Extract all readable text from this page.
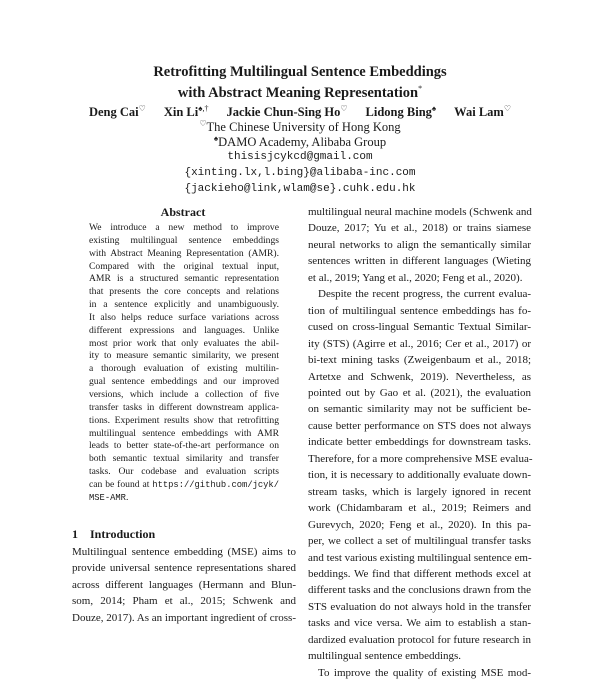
Retrofitting Multilingual Sentence Embeddings
with Abstract Meaning Representation*
Deng Cai♡ Xin Li♠,† Jackie Chun-Sing Ho♡ Lidong Bing♠ Wai Lam♡
♡The Chinese University of Hong Kong
♠DAMO Academy, Alibaba Group
thisisjcykcd@gmail.com
{xinting.lx,l.bing}@alibaba-inc.com
{jackieho@link,wlam@se}.cuhk.edu.hk
Abstract
We introduce a new method to improve
existing multilingual sentence embeddings
with Abstract Meaning Representation (AMR).
Compared with the original textual input,
AMR is a structured semantic representation
that presents the core concepts and relations
in a sentence explicitly and unambiguously.
It also helps reduce surface variations across
different expressions and languages. Unlike
most prior work that only evaluates the abil-
ity to measure semantic similarity, we present
a thorough evaluation of existing multilin-
gual sentence embeddings and our improved
versions, which include a collection of five
transfer tasks in different downstream applica-
tions. Experiment results show that retrofitting
multilingual sentence embeddings with AMR
leads to better state-of-the-art performance on
both semantic textual similarity and transfer
tasks. Our codebase and evaluation scripts
can be found at https://github.com/jcyk/
MSE-AMR.
1 Introduction
Multilingual sentence embedding (MSE) aims to
provide universal sentence representations shared
across different languages (Hermann and Blun-
som, 2014; Pham et al., 2015; Schwenk and
Douze, 2017). As an important ingredient of cross-
multilingual neural machine models (Schwenk and
Douze, 2017; Yu et al., 2018) or trains siamese
neural networks to align the semantically similar
sentences written in different languages (Wieting
et al., 2019; Yang et al., 2020; Feng et al., 2020).
Despite the recent progress, the current evalua-
tion of multilingual sentence embeddings has fo-
cused on cross-lingual Semantic Textual Similar-
ity (STS) (Agirre et al., 2016; Cer et al., 2017) or
bi-text mining tasks (Zweigenbaum et al., 2018;
Artetxe and Schwenk, 2019). Nevertheless, as
pointed out by Gao et al. (2021), the evaluation
on semantic similarity may not be sufficient be-
cause better performance on STS does not always
indicate better embeddings for downstream tasks.
Therefore, for a more comprehensive MSE evalua-
tion, it is necessary to additionally evaluate down-
stream tasks, which is largely ignored in recent
work (Chidambaram et al., 2019; Reimers and
Gurevych, 2020; Feng et al., 2020). In this pa-
per, we collect a set of multilingual transfer tasks
and test various existing multilingual sentence em-
beddings. We find that different methods excel at
different tasks and the conclusions drawn from the
STS evaluation do not always hold in the transfer
tasks and vice versa. We aim to establish a stan-
dardized evaluation protocol for future research in
multilingual sentence embeddings.
To improve the quality of existing MSE mod-
